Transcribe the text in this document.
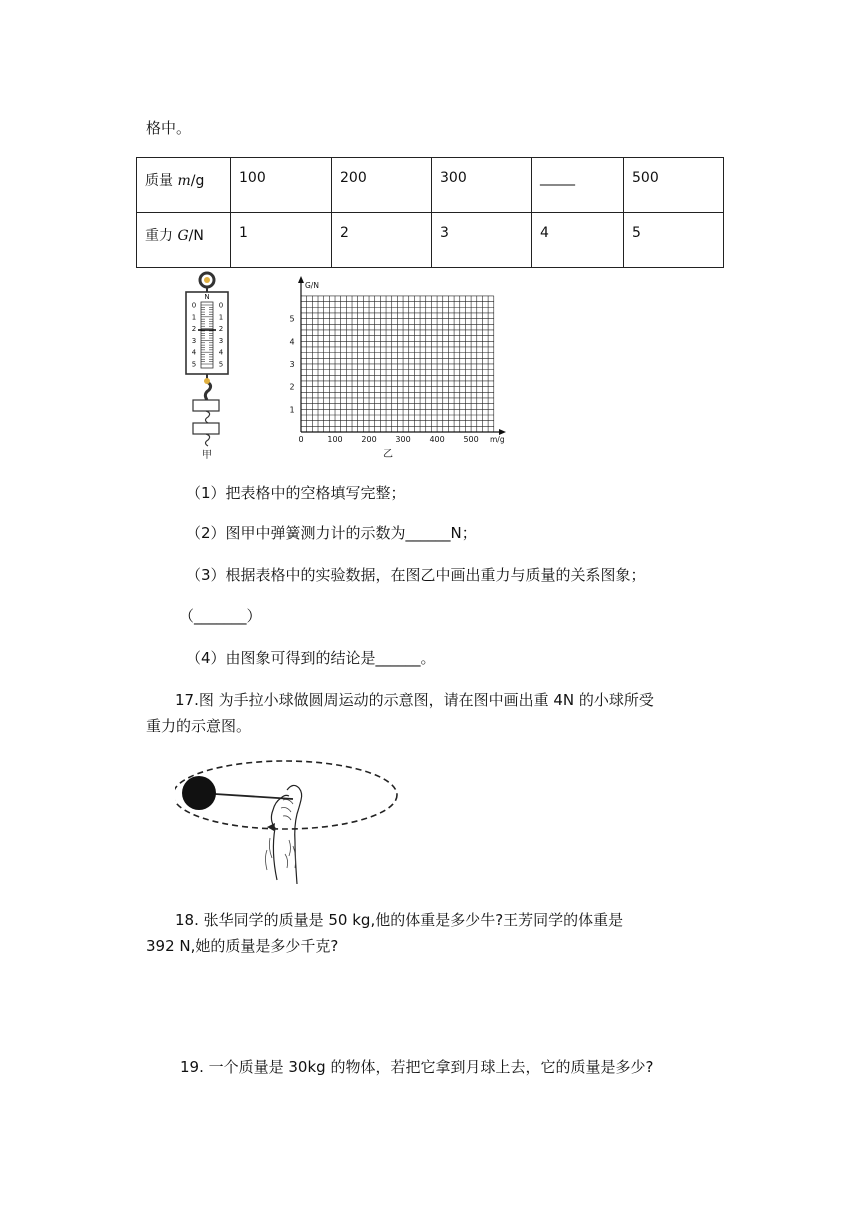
格中。
质量 m/g	100	200	300	_____	500

重力 G/N	1	2	3	4	5
N
0
1
2
3
4
5
0
1
2
3
4
5
甲
G/N
m/g
1
2
3
4
5
0	100 200 300 400 500
乙
（1）把表格中的空格填写完整；
（2）图甲中弹簧测力计的示数为______N；
（3）根据表格中的实验数据，在图乙中画出重力与质量的关系图象；
（_______）
（4）由图象可得到的结论是______。
17.图 为手拉小球做圆周运动的示意图，请在图中画出重 4N 的小球所受
重力的示意图。
18. 张华同学的质量是 50 kg,他的体重是多少牛?王芳同学的体重是
392 N,她的质量是多少千克?
19. 一个质量是 30kg 的物体，若把它拿到月球上去，它的质量是多少?
